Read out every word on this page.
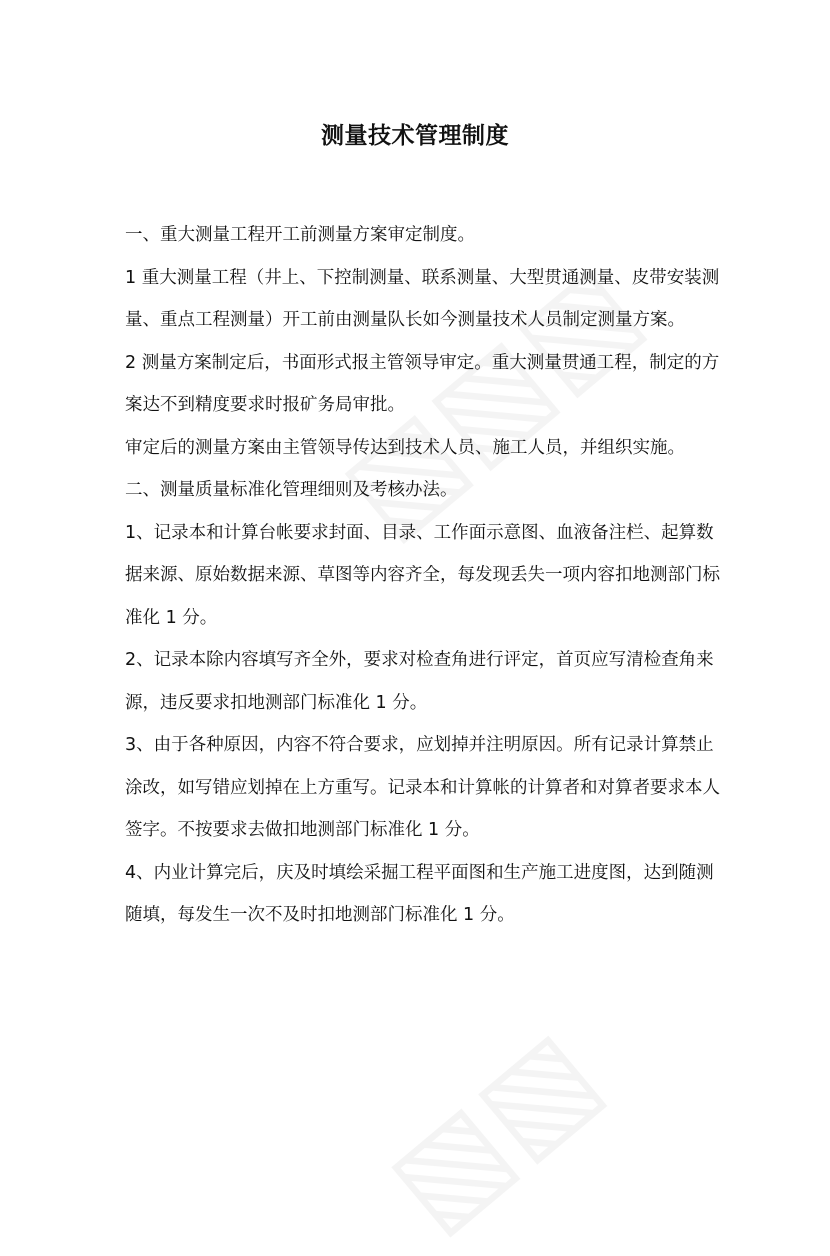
测量技术管理制度

一、重大测量工程开工前测量方案审定制度。

1 重大测量工程（井上、下控制测量、联系测量、大型贯通测量、皮带安装测量、重点工程测量）开工前由测量队长如今测量技术人员制定测量方案。

2 测量方案制定后，书面形式报主管领导审定。重大测量贯通工程，制定的方案达不到精度要求时报矿务局审批。

审定后的测量方案由主管领导传达到技术人员、施工人员，并组织实施。

二、测量质量标准化管理细则及考核办法。

1、记录本和计算台帐要求封面、目录、工作面示意图、血液备注栏、起算数据来源、原始数据来源、草图等内容齐全，每发现丢失一项内容扣地测部门标准化 1 分。

2、记录本除内容填写齐全外，要求对检查角进行评定，首页应写清检查角来源，违反要求扣地测部门标准化 1 分。

3、由于各种原因，内容不符合要求，应划掉并注明原因。所有记录计算禁止涂改，如写错应划掉在上方重写。记录本和计算帐的计算者和对算者要求本人签字。不按要求去做扣地测部门标准化 1 分。

4、内业计算完后，庆及时填绘采掘工程平面图和生产施工进度图，达到随测随填，每发生一次不及时扣地测部门标准化 1 分。
